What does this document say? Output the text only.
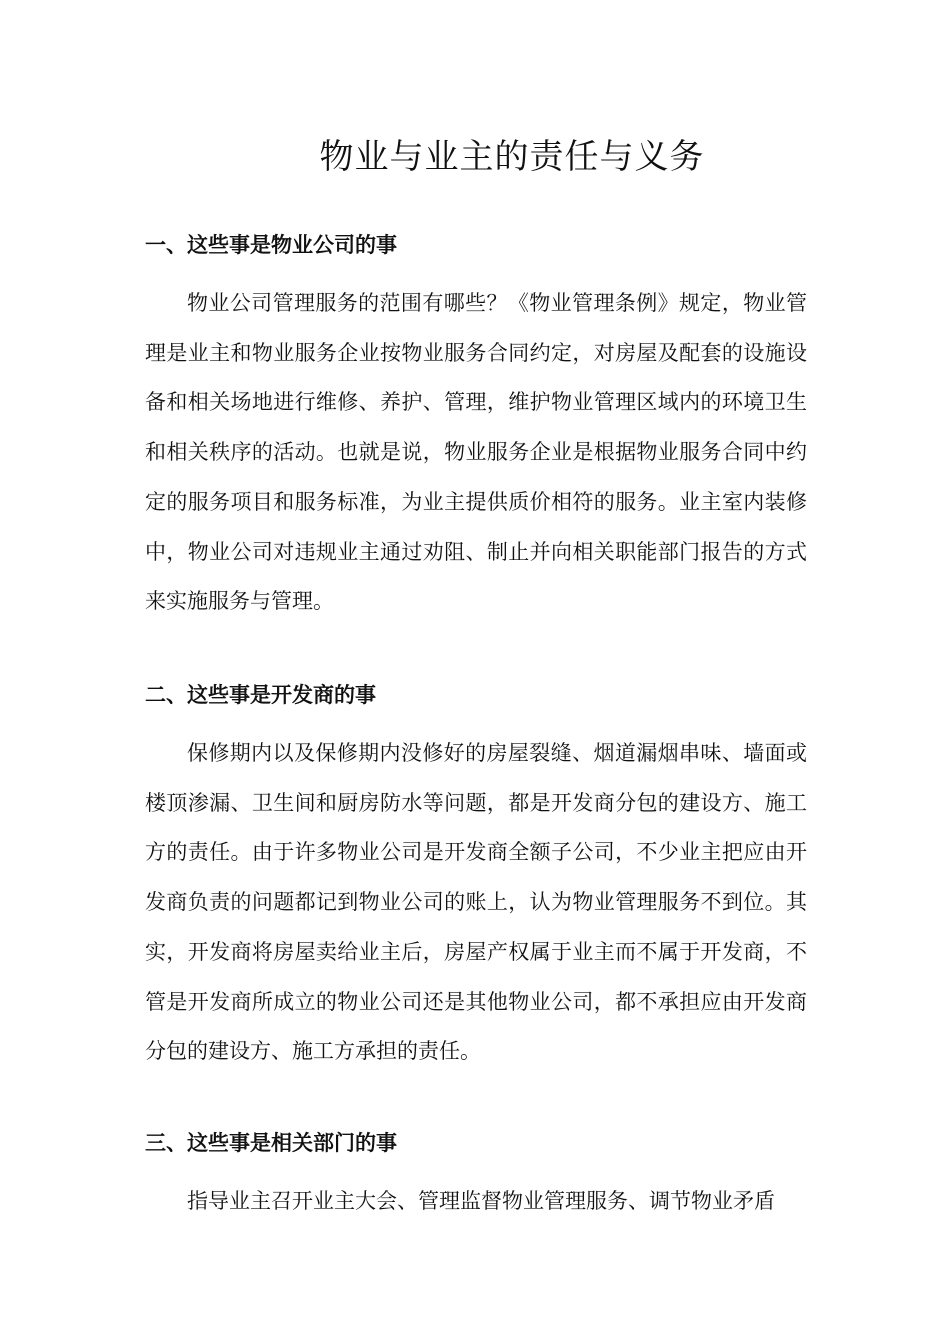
物业与业主的责任与义务
一、这些事是物业公司的事

物业公司管理服务的范围有哪些？《物业管理条例》规定，物业管理是业主和物业服务企业按物业服务合同约定，对房屋及配套的设施设备和相关场地进行维修、养护、管理，维护物业管理区域内的环境卫生和相关秩序的活动。也就是说，物业服务企业是根据物业服务合同中约定的服务项目和服务标准，为业主提供质价相符的服务。业主室内装修中，物业公司对违规业主通过劝阻、制止并向相关职能部门报告的方式来实施服务与管理。

二、这些事是开发商的事

保修期内以及保修期内没修好的房屋裂缝、烟道漏烟串味、墙面或楼顶渗漏、卫生间和厨房防水等问题，都是开发商分包的建设方、施工方的责任。由于许多物业公司是开发商全额子公司，不少业主把应由开发商负责的问题都记到物业公司的账上，认为物业管理服务不到位。其实，开发商将房屋卖给业主后，房屋产权属于业主而不属于开发商，不管是开发商所成立的物业公司还是其他物业公司，都不承担应由开发商分包的建设方、施工方承担的责任。

三、这些事是相关部门的事

指导业主召开业主大会、管理监督物业管理服务、调节物业矛盾
